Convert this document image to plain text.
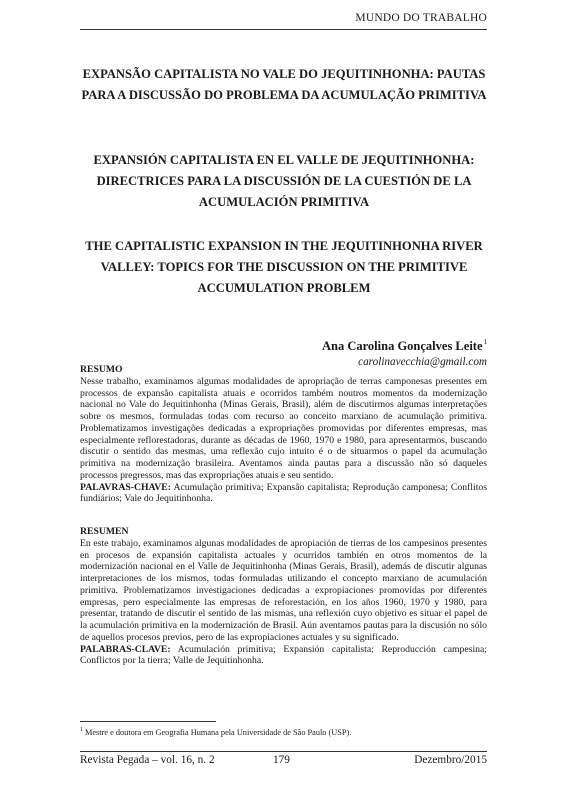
MUNDO DO TRABALHO
EXPANSÃO CAPITALISTA NO VALE DO JEQUITINHONHA: PAUTAS PARA A DISCUSSÃO DO PROBLEMA DA ACUMULAÇÃO PRIMITIVA
EXPANSIÓN CAPITALISTA EN EL VALLE DE JEQUITINHONHA: DIRECTRICES PARA LA DISCUSSIÓN DE LA CUESTIÓN DE LA ACUMULACIÓN PRIMITIVA
THE CAPITALISTIC EXPANSION IN THE JEQUITINHONHA RIVER VALLEY: TOPICS FOR THE DISCUSSION ON THE PRIMITIVE ACCUMULATION PROBLEM
Ana Carolina Gonçalves Leite$^1$
carolinavecchia@gmail.com
RESUMO
Nesse trabalho, examinamos algumas modalidades de apropriação de terras camponesas presentes em processos de expansão capitalista atuais e ocorridos também noutros momentos da modernização nacional no Vale do Jequitinhonha (Minas Gerais, Brasil), além de discutirmos algumas interpretações sobre os mesmos, formuladas todas com recurso ao conceito marxiano de acumulação primitiva. Problematizamos investigações dedicadas a expropriações promovidas por diferentes empresas, mas especialmente reflorestadoras, durante as décadas de 1960, 1970 e 1980, para apresentarmos, buscando discutir o sentido das mesmas, uma reflexão cujo intuito é o de situarmos o papel da acumulação primitiva na modernização brasileira. Aventamos ainda pautas para a discussão não só daqueles processos pregressos, mas das expropriações atuais e seu sentido.
PALAVRAS-CHAVE: Acumulação primitiva; Expansão capitalista; Reprodução camponesa; Conflitos fundiários; Vale do Jequitinhonha.
RESUMEN
En este trabajo, examinamos algunas modalidades de apropiación de tierras de los campesinos presentes en procesos de expansión capitalista actuales y ocurridos también en otros momentos de la modernización nacional en el Valle de Jequitinhonha (Minas Gerais, Brasil), además de discutir algunas interpretaciones de los mismos, todas formuladas utilizando el concepto marxiano de acumulación primitiva. Problematizamos investigaciones dedicadas a expropiaciones promovidas por diferentes empresas, pero especialmente las empresas de reforestación, en los años 1960, 1970 y 1980, para presentar, tratando de discutir el sentido de las mismas, una reflexión cuyo objetivo es situar el papel de la acumulación primitiva en la modernización de Brasil. Aún aventamos pautas para la discusión no sólo de aquellos procesos previos, pero de las expropiaciones actuales y su significado.
PALABRAS-CLAVE: Acumulación primitiva; Expansión capitalista; Reproducción campesina; Conflictos por la tierra; Valle de Jequitinhonha.
$^1$ Mestre e doutora em Geografia Humana pela Universidade de São Paulo (USP).
Revista Pegada – vol. 16, n. 2	179	Dezembro/2015
